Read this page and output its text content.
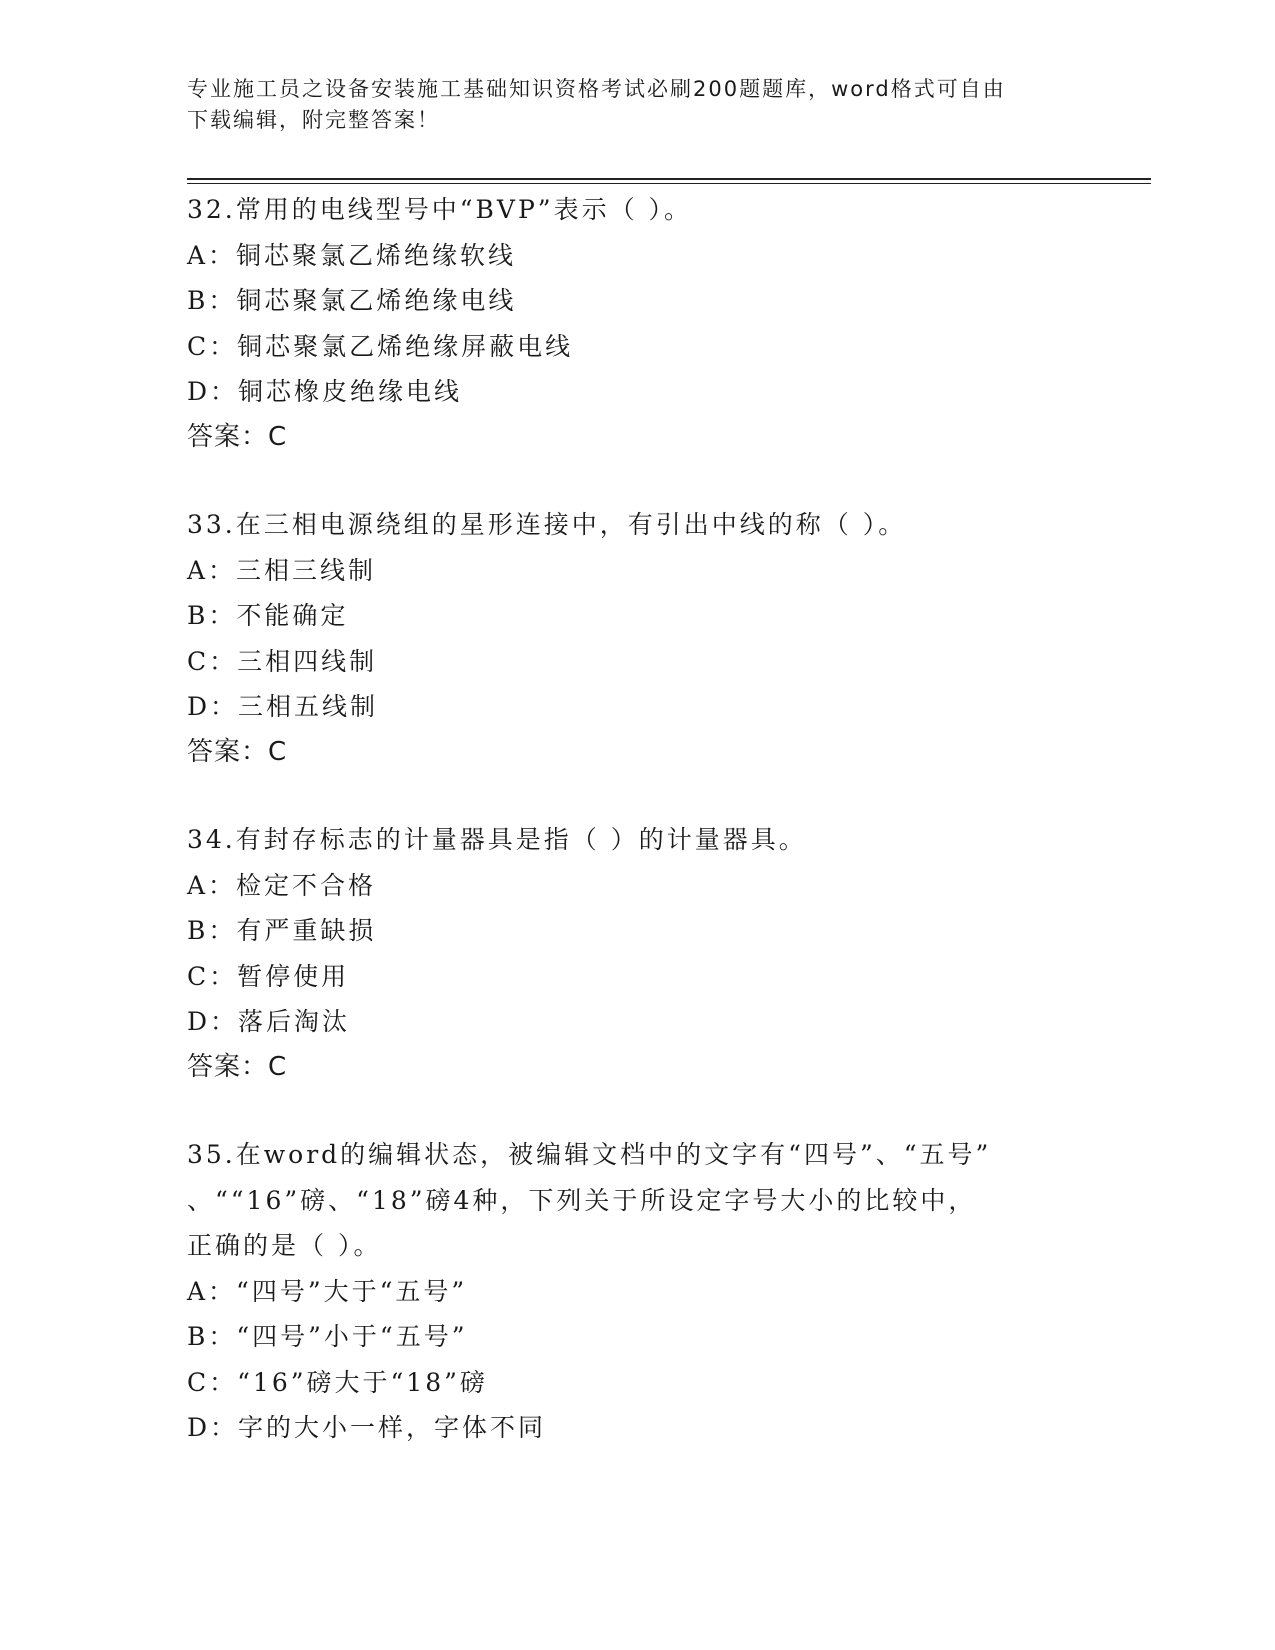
专业施工员之设备安装施工基础知识资格考试必刷200题题库，word格式可自由
下载编辑，附完整答案！
32.常用的电线型号中“BVP”表示（ ）。
A：铜芯聚氯乙烯绝缘软线
B：铜芯聚氯乙烯绝缘电线
C：铜芯聚氯乙烯绝缘屏蔽电线
D：铜芯橡皮绝缘电线
答案：C
33.在三相电源绕组的星形连接中，有引出中线的称（ ）。
A：三相三线制
B：不能确定
C：三相四线制
D：三相五线制
答案：C
34.有封存标志的计量器具是指（ ）的计量器具。
A：检定不合格
B：有严重缺损
C：暂停使用
D：落后淘汰
答案：C
35.在word的编辑状态，被编辑文档中的文字有“四号”、“五号”
、““16”磅、“18”磅4种，下列关于所设定字号大小的比较中，
正确的是（ ）。
A：“四号”大于“五号”
B：“四号”小于“五号”
C：“16”磅大于“18”磅
D：字的大小一样，字体不同
